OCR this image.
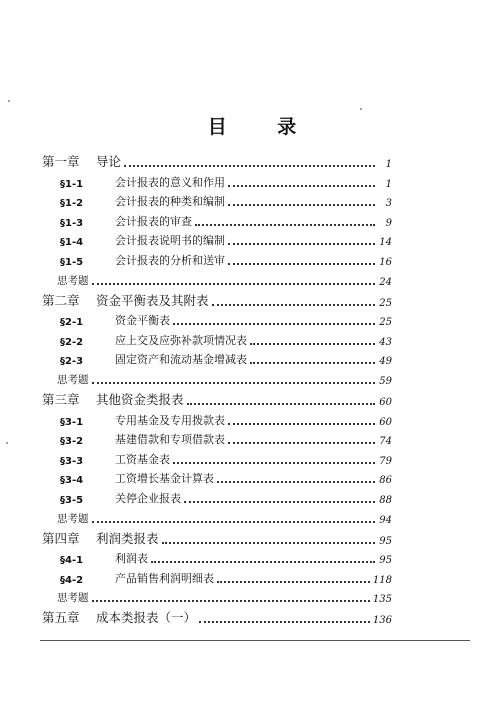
目 录
第一章	导论	1
§1-1	会计报表的意义和作用	1
§1-2	会计报表的种类和编制	3
§1-3	会计报表的审查	9
§1-4	会计报表说明书的编制	14
§1-5	会计报表的分析和送审	16
思考题	24
第二章	资金平衡表及其附表	25
§2-1	资金平衡表	25
§2-2	应上交及应弥补款项情况表	43
§2-3	固定资产和流动基金增减表	49
思考题	59
第三章	其他资金类报表	60
§3-1	专用基金及专用拨款表	60
§3-2	基建借款和专项借款表	74
§3-3	工资基金表	79
§3-4	工资增长基金计算表	86
§3-5	关停企业报表	88
思考题	94
第四章	利润类报表	95
§4-1	利润表	95
§4-2	产品销售利润明细表	118
思考题	135
第五章	成本类报表（一）	136
